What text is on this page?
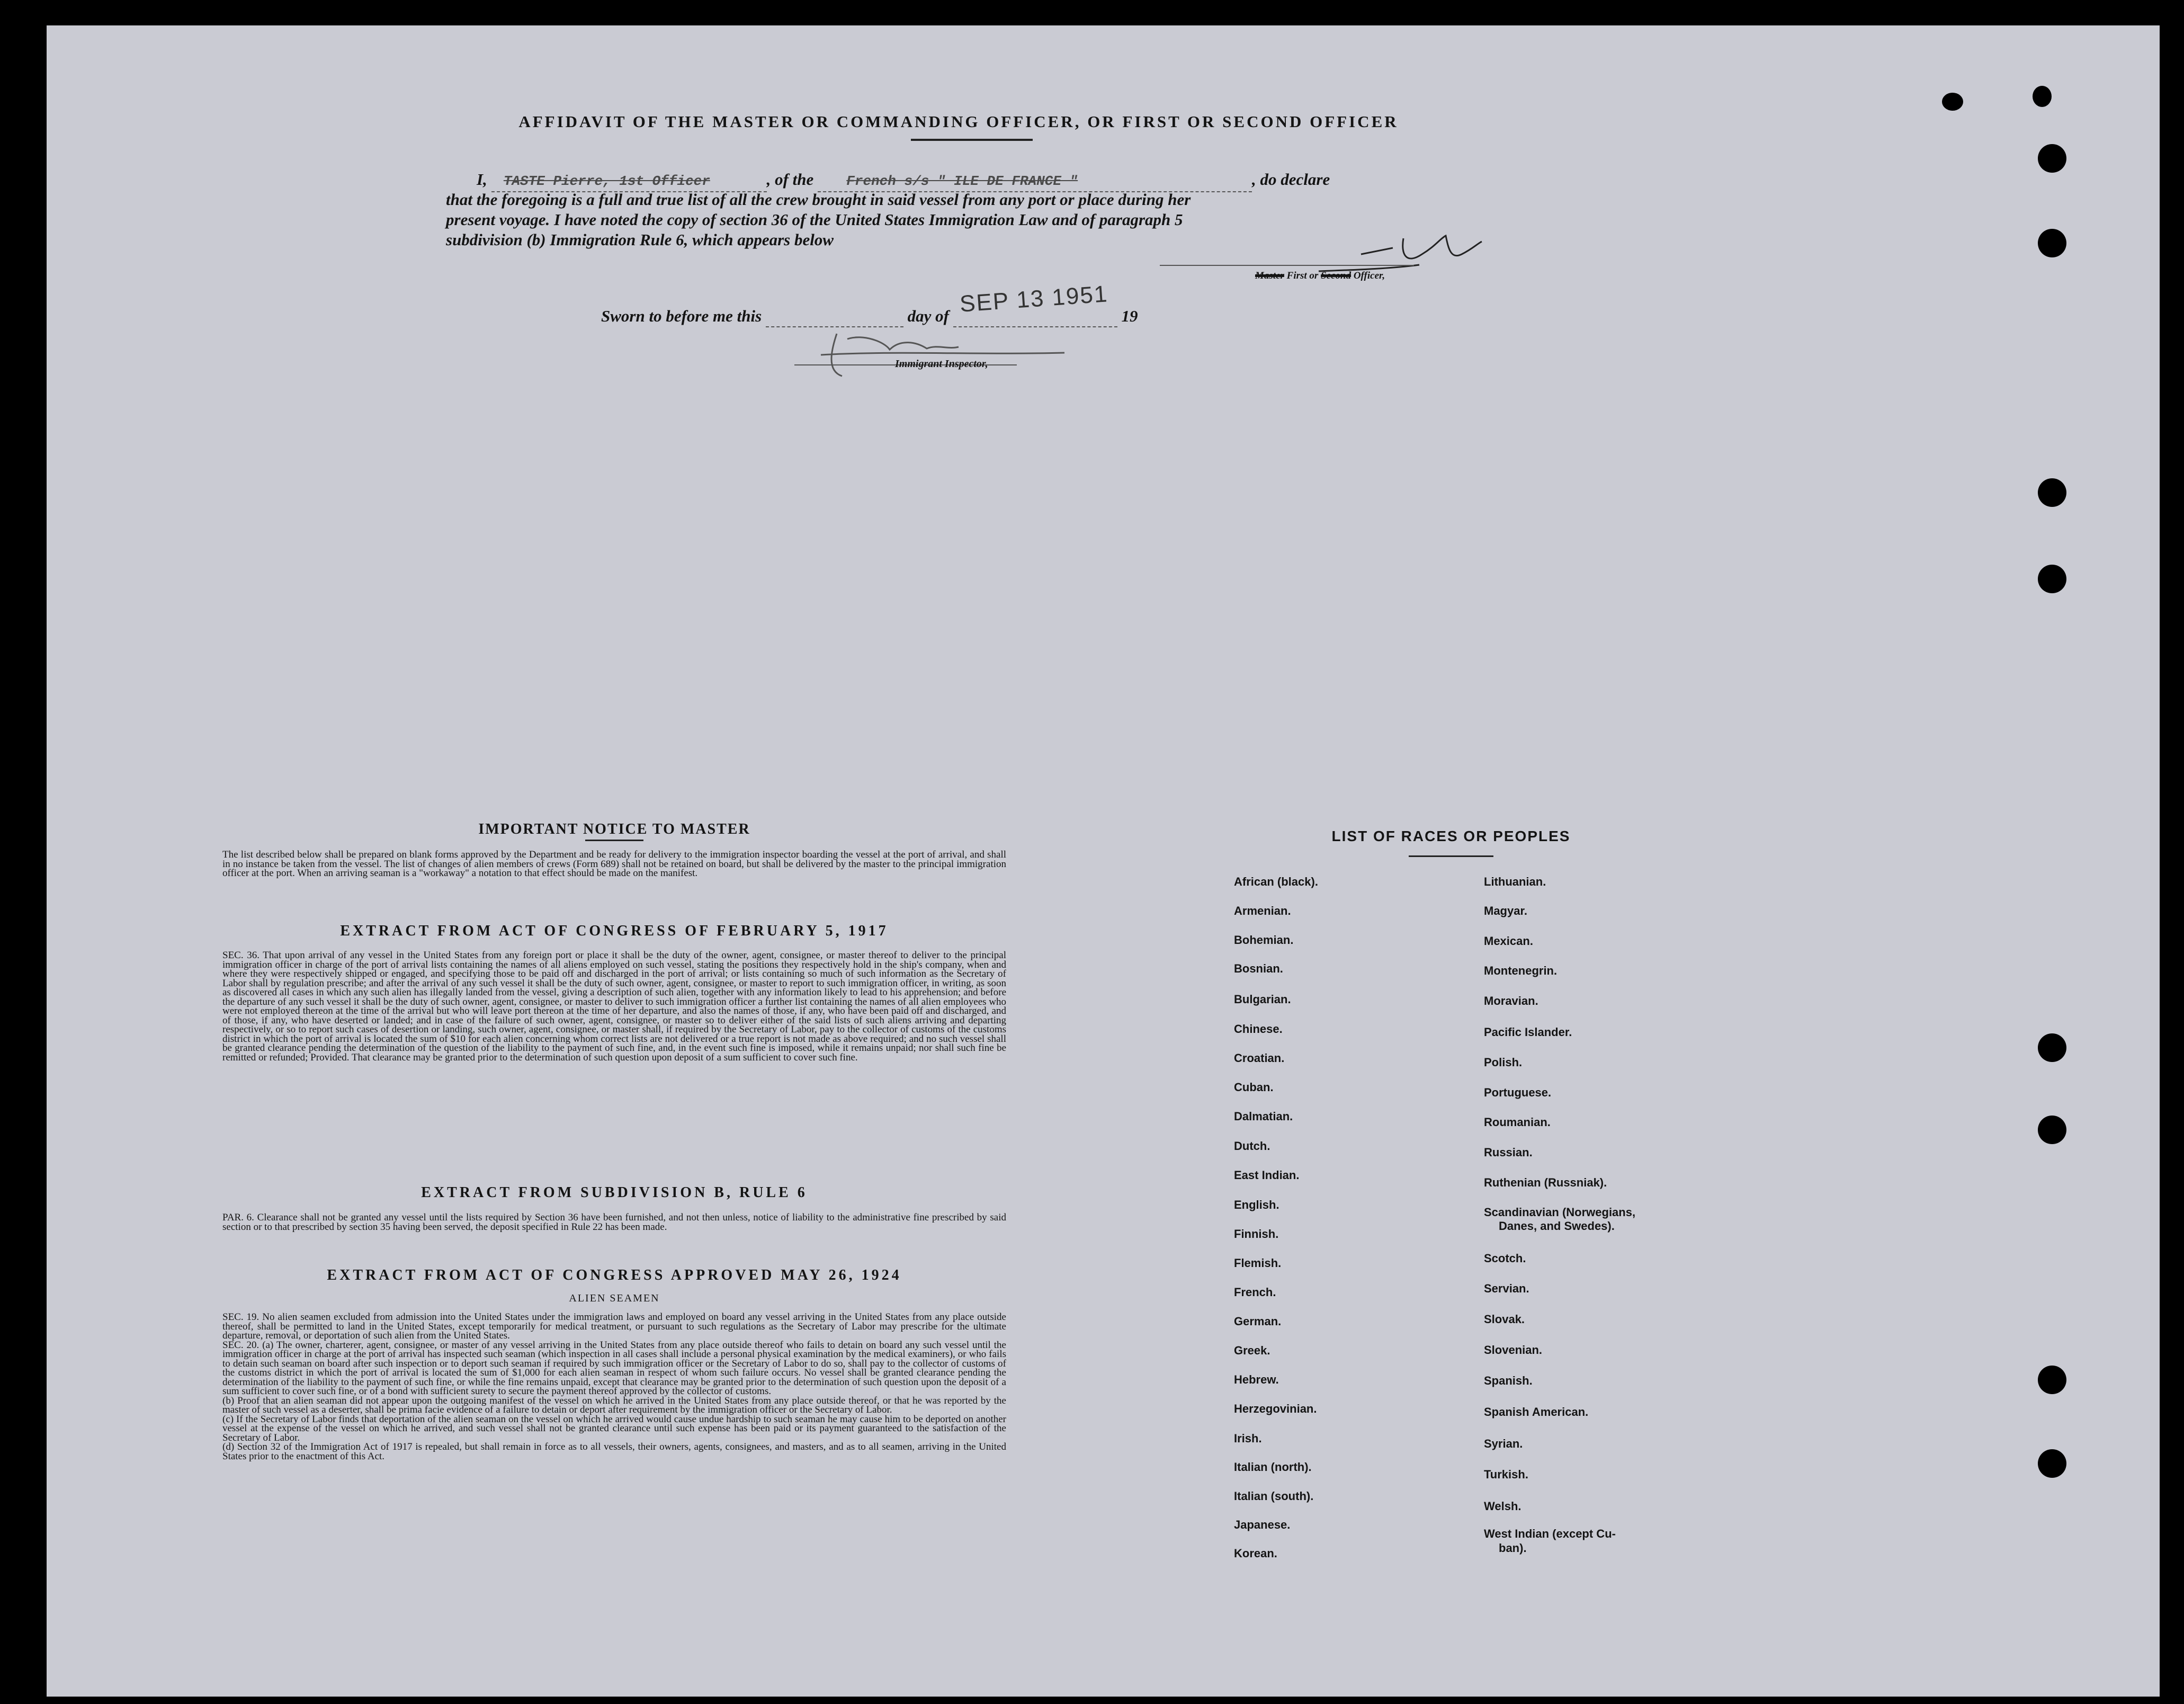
AFFIDAVIT OF THE MASTER OR COMMANDING OFFICER, OR FIRST OR SECOND OFFICER
I, TASTE Pierre, 1st Officer	, of the French s/s " ILE DE FRANCE "	, do declare
that the foregoing is a full and true list of all the crew brought in said vessel from any port or place during her
present voyage. I have noted the copy of section 36 of the United States Immigration Law and of paragraph 5
subdivision (b) Immigration Rule 6, which appears below
Master First or Second Officer,
Sworn to before me this	day of	19
SEP 13 1951
Immigrant Inspector,
IMPORTANT NOTICE TO MASTER
The list described below shall be prepared on blank forms approved by the Department and be ready for delivery to the immigration inspector boarding the vessel at the port of arrival, and shall in no instance be taken from the vessel. The list of changes of alien members of crews (Form 689) shall not be retained on board, but shall be delivered by the master to the principal immigration officer at the port. When an arriving seaman is a "workaway" a notation to that effect should be made on the manifest.
EXTRACT FROM ACT OF CONGRESS OF FEBRUARY 5, 1917
SEC. 36. That upon arrival of any vessel in the United States from any foreign port or place it shall be the duty of the owner, agent, consignee, or master thereof to deliver to the principal immigration officer in charge of the port of arrival lists containing the names of all aliens employed on such vessel, stating the positions they respectively hold in the ship's company, when and where they were respectively shipped or engaged, and specifying those to be paid off and discharged in the port of arrival; or lists containing so much of such information as the Secretary of Labor shall by regulation prescribe; and after the arrival of any such vessel it shall be the duty of such owner, agent, consignee, or master to report to such immigration officer, in writing, as soon as discovered all cases in which any such alien has illegally landed from the vessel, giving a description of such alien, together with any information likely to lead to his apprehension; and before the departure of any such vessel it shall be the duty of such owner, agent, consignee, or master to deliver to such immigration officer a further list containing the names of all alien employees who were not employed thereon at the time of the arrival but who will leave port thereon at the time of her departure, and also the names of those, if any, who have been paid off and discharged, and of those, if any, who have deserted or landed; and in case of the failure of such owner, agent, consignee, or master so to deliver either of the said lists of such aliens arriving and departing respectively, or so to report such cases of desertion or landing, such owner, agent, consignee, or master shall, if required by the Secretary of Labor, pay to the collector of customs of the customs district in which the port of arrival is located the sum of $10 for each alien concerning whom correct lists are not delivered or a true report is not made as above required; and no such vessel shall be granted clearance pending the determination of the question of the liability to the payment of such fine, and, in the event such fine is imposed, while it remains unpaid; nor shall such fine be remitted or refunded; Provided. That clearance may be granted prior to the determination of such question upon deposit of a sum sufficient to cover such fine.
EXTRACT FROM SUBDIVISION B, RULE 6
PAR. 6. Clearance shall not be granted any vessel until the lists required by Section 36 have been furnished, and not then unless, notice of liability to the administrative fine prescribed by said section or to that prescribed by section 35 having been served, the deposit specified in Rule 22 has been made.
EXTRACT FROM ACT OF CONGRESS APPROVED MAY 26, 1924
ALIEN SEAMEN
SEC. 19. No alien seamen excluded from admission into the United States under the immigration laws and employed on board any vessel arriving in the United States from any place outside thereof, shall be permitted to land in the United States, except temporarily for medical treatment, or pursuant to such regulations as the Secretary of Labor may prescribe for the ultimate departure, removal, or deportation of such alien from the United States.
SEC. 20. (a) The owner, charterer, agent, consignee, or master of any vessel arriving in the United States from any place outside thereof who fails to detain on board any such vessel until the immigration officer in charge at the port of arrival has inspected such seaman (which inspection in all cases shall include a personal physical examination by the medical examiners), or who fails to detain such seaman on board after such inspection or to deport such seaman if required by such immigration officer or the Secretary of Labor to do so, shall pay to the collector of customs of the customs district in which the port of arrival is located the sum of $1,000 for each alien seaman in respect of whom such failure occurs. No vessel shall be granted clearance pending the determination of the liability to the payment of such fine, or while the fine remains unpaid, except that clearance may be granted prior to the determination of such question upon the deposit of a sum sufficient to cover such fine, or of a bond with sufficient surety to secure the payment thereof approved by the collector of customs.
(b) Proof that an alien seaman did not appear upon the outgoing manifest of the vessel on which he arrived in the United States from any place outside thereof, or that he was reported by the master of such vessel as a deserter, shall be prima facie evidence of a failure to detain or deport after requirement by the immigration officer or the Secretary of Labor.
(c) If the Secretary of Labor finds that deportation of the alien seaman on the vessel on which he arrived would cause undue hardship to such seaman he may cause him to be deported on another vessel at the expense of the vessel on which he arrived, and such vessel shall not be granted clearance until such expense has been paid or its payment guaranteed to the satisfaction of the Secretary of Labor.
(d) Section 32 of the Immigration Act of 1917 is repealed, but shall remain in force as to all vessels, their owners, agents, consignees, and masters, and as to all seamen, arriving in the United States prior to the enactment of this Act.
LIST OF RACES OR PEOPLES
African (black).
Armenian.
Bohemian.
Bosnian.
Bulgarian.
Chinese.
Croatian.
Cuban.
Dalmatian.
Dutch.
East Indian.
English.
Finnish.
Flemish.
French.
German.
Greek.
Hebrew.
Herzegovinian.
Irish.
Italian (north).
Italian (south).
Japanese.
Korean.
Lithuanian.
Magyar.
Mexican.
Montenegrin.
Moravian.
Pacific Islander.
Polish.
Portuguese.
Roumanian.
Russian.
Ruthenian (Russniak).
Scandinavian (Norwegians,
Danes, and Swedes).
Scotch.
Servian.
Slovak.
Slovenian.
Spanish.
Spanish American.
Syrian.
Turkish.
Welsh.
West Indian (except Cu-
ban).
